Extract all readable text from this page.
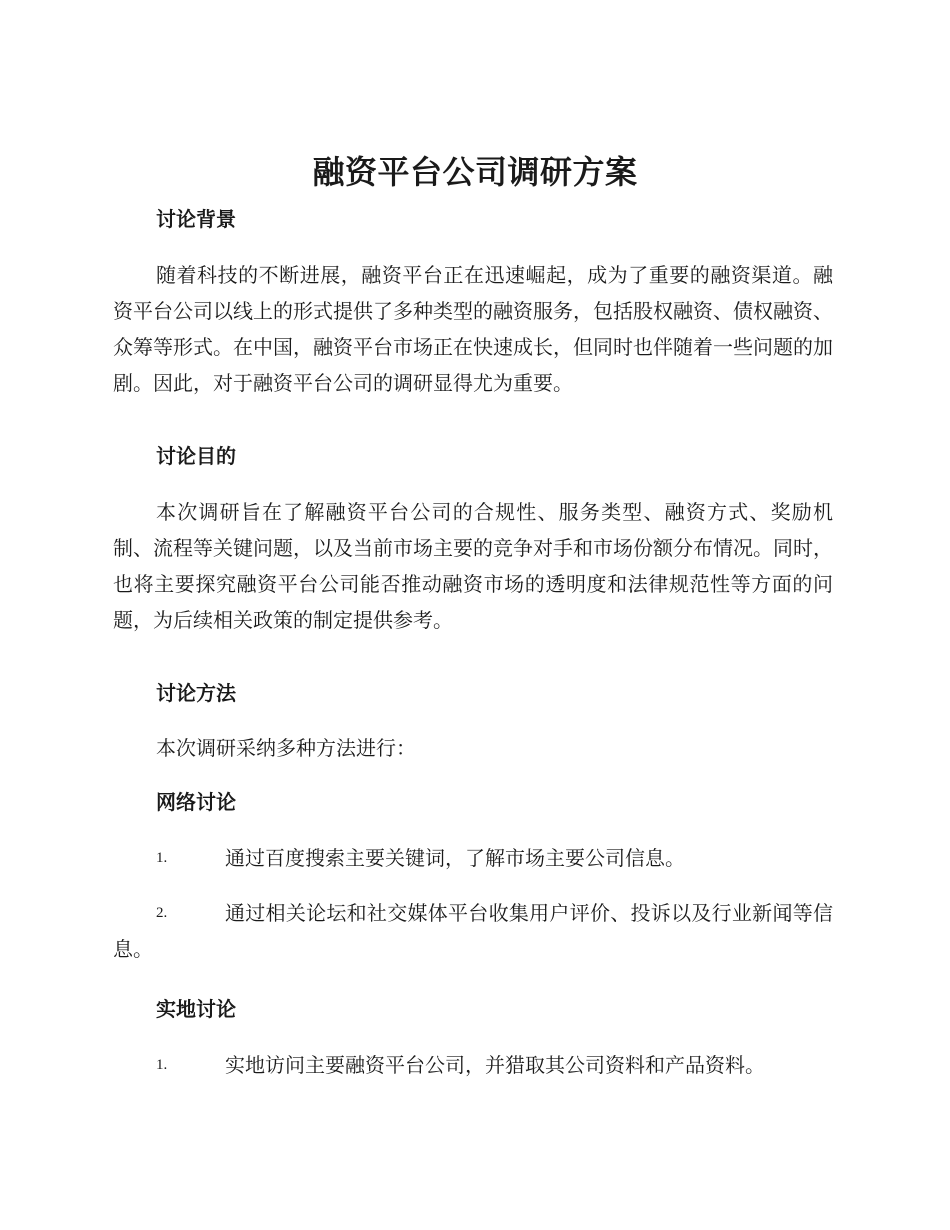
融资平台公司调研方案
讨论背景
随着科技的不断进展，融资平台正在迅速崛起，成为了重要的融资渠道。融资平台公司以线上的形式提供了多种类型的融资服务，包括股权融资、债权融资、众筹等形式。在中国，融资平台市场正在快速成长，但同时也伴随着一些问题的加剧。因此，对于融资平台公司的调研显得尤为重要。
讨论目的
本次调研旨在了解融资平台公司的合规性、服务类型、融资方式、奖励机制、流程等关键问题，以及当前市场主要的竞争对手和市场份额分布情况。同时，也将主要探究融资平台公司能否推动融资市场的透明度和法律规范性等方面的问题，为后续相关政策的制定提供参考。
讨论方法
本次调研采纳多种方法进行：
网络讨论
1.	通过百度搜索主要关键词，了解市场主要公司信息。
2.	通过相关论坛和社交媒体平台收集用户评价、投诉以及行业新闻等信息。
实地讨论
1.	实地访问主要融资平台公司，并猎取其公司资料和产品资料。
